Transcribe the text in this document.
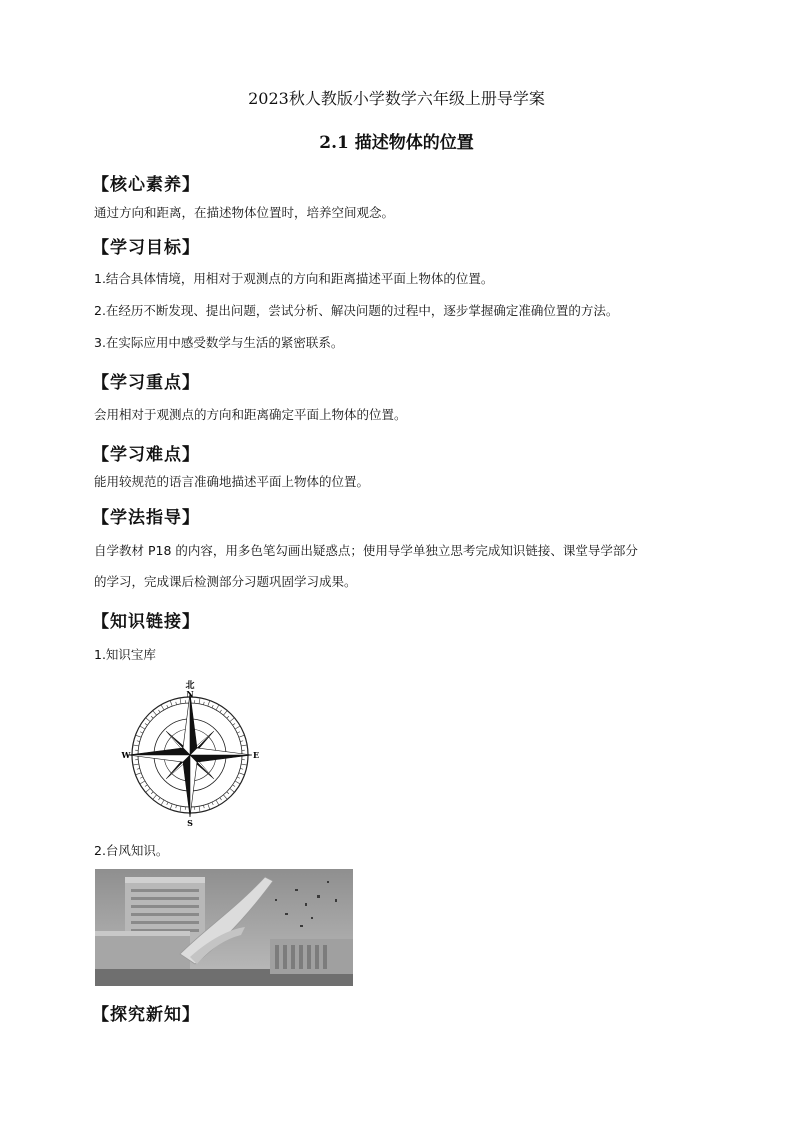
2023秋人教版小学数学六年级上册导学案
2.1 描述物体的位置
【核心素养】
通过方向和距离，在描述物体位置时，培养空间观念。
【学习目标】
1.结合具体情境，用相对于观测点的方向和距离描述平面上物体的位置。
2.在经历不断发现、提出问题，尝试分析、解决问题的过程中，逐步掌握确定准确位置的方法。
3.在实际应用中感受数学与生活的紧密联系。
【学习重点】
会用相对于观测点的方向和距离确定平面上物体的位置。
【学习难点】
能用较规范的语言准确地描述平面上物体的位置。
【学法指导】
自学教材 P18 的内容，用多色笔勾画出疑惑点；使用导学单独立思考完成知识链接、课堂导学部分
的学习，完成课后检测部分习题巩固学习成果。
【知识链接】
1.知识宝库
北
N
S
E
W
2.台风知识。
【探究新知】
